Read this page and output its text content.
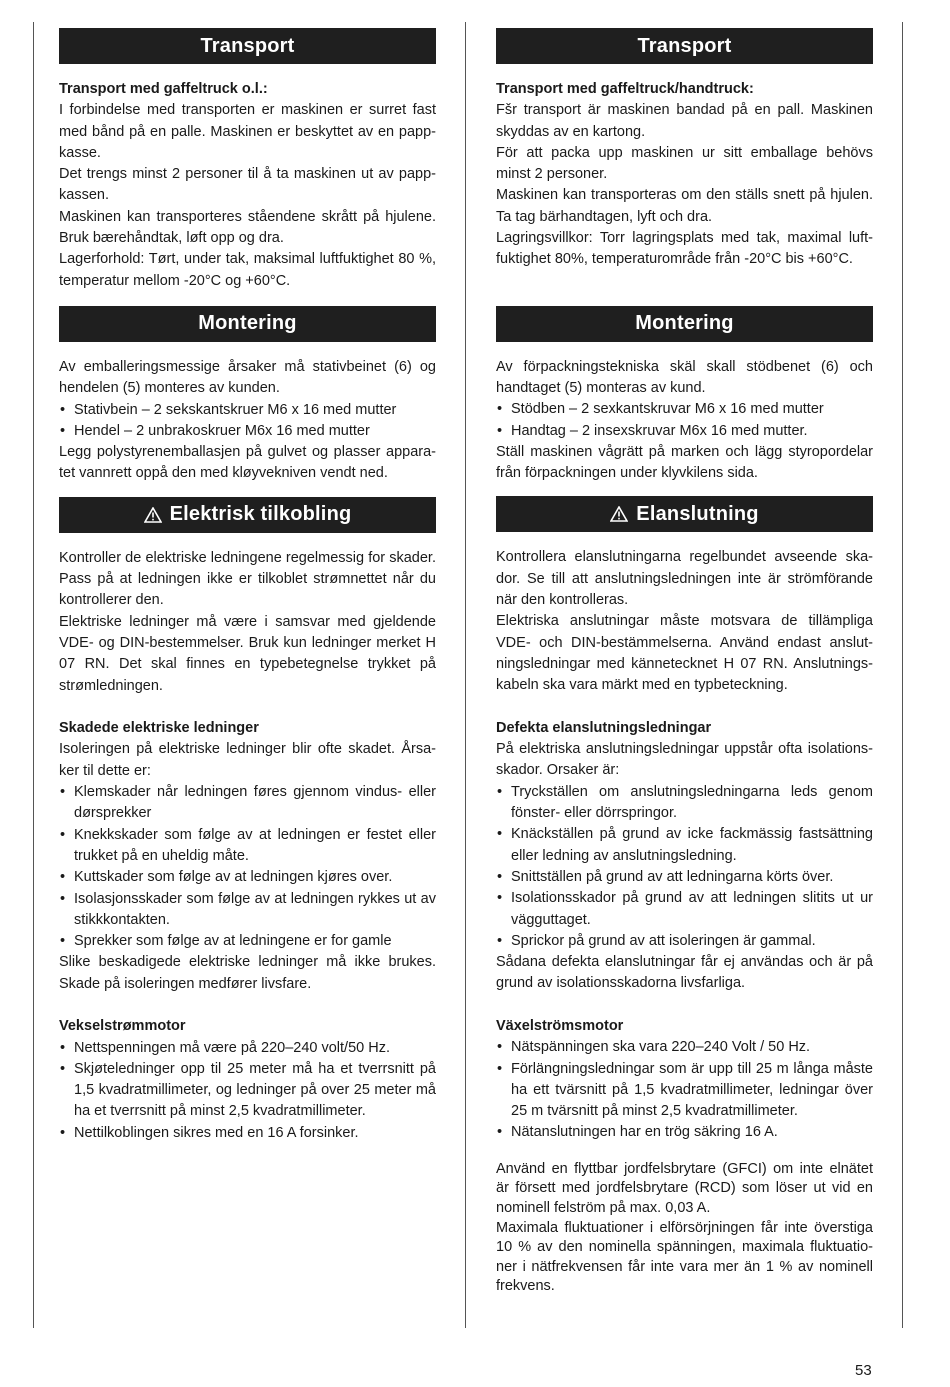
Transport

Transport med gaffeltruck o.l.:

I forbindelse med transporten er maskinen er surret fast med bånd på en palle. Maskinen er beskyttet av en papp-kasse.

Det trengs minst 2 personer til å ta maskinen ut av papp-kassen.

Maskinen kan transporteres ståendene skrått på hjulene. Bruk bærehåndtak, løft opp og dra.

Lagerforhold: Tørt, under tak, maksimal luftfuktighet 80 %, temperatur mellom -20°C og +60°C.

Montering

Av emballeringsmessige årsaker må stativbeinet (6) og hendelen (5) monteres av kunden.

• Stativbein – 2 sekskantskruer M6 x 16 med mutter
• Hendel – 2 unbrakoskruer M6x 16 med mutter

Legg polystyrenemballasjen på gulvet og plasser appara-tet vannrett oppå den med kløyvekniven vendt ned.

Elektrisk tilkobling

Kontroller de elektriske ledningene regelmessig for skader. Pass på at ledningen ikke er tilkoblet strømnettet når du kontrollerer den.

Elektriske ledninger må være i samsvar med gjeldende VDE- og DIN-bestemmelser. Bruk kun ledninger merket H 07 RN. Det skal finnes en typebetegnelse trykket på strømledningen.

Skadede elektriske ledninger

Isoleringen på elektriske ledninger blir ofte skadet. Årsa-ker til dette er:

• Klemskader når ledningen føres gjennom vindus- eller dørsprekker
• Knekkskader som følge av at ledningen er festet eller trukket på en uheldig måte.
• Kuttskader som følge av at ledningen kjøres over.
• Isolasjonsskader som følge av at ledningen rykkes ut av stikkkontakten.
• Sprekker som følge av at ledningene er for gamle

Slike beskadigede elektriske ledninger må ikke brukes. Skade på isoleringen medfører livsfare.

Vekselstrømmotor

• Nettspenningen må være på 220–240 volt/50 Hz.
• Skjøteledninger opp til 25 meter må ha et tverrsnitt på 1,5 kvadratmillimeter, og ledninger på over 25 meter må ha et tverrsnitt på minst 2,5 kvadratmillimeter.
• Nettilkoblingen sikres med en 16 A forsinker.
Transport

Transport med gaffeltruck/handtruck:

Fšr transport är maskinen bandad på en pall. Maskinen skyddas av en kartong.

För att packa upp maskinen ur sitt emballage behövs minst 2 personer.

Maskinen kan transporteras om den ställs snett på hjulen. Ta tag bärhandtagen, lyft och dra.

Lagringsvillkor: Torr lagringsplats med tak, maximal luft-fuktighet 80%, temperaturområde från -20°C bis +60°C.

Montering

Av förpackningstekniska skäl skall stödbenet (6) och handtaget (5) monteras av kund.

• Stödben – 2 sexkantskruvar M6 x 16 med mutter
• Handtag – 2 insexskruvar M6x 16 med mutter.

Ställ maskinen vågrätt på marken och lägg styropordelar från förpackningen under klyvkilens sida.

Elanslutning

Kontrollera elanslutningarna regelbundet avseende ska-dor. Se till att anslutningsledningen inte är strömförande när den kontrolleras.

Elektriska anslutningar måste motsvara de tillämpliga VDE- och DIN-bestämmelserna. Använd endast anslut-ningsledningar med kännetecknet H 07 RN. Anslutnings-kabeln ska vara märkt med en typbeteckning.

Defekta elanslutningsledningar

På elektriska anslutningsledningar uppstår ofta isolations-skador. Orsaker är:

• Tryckställen om anslutningsledningarna leds genom fönster- eller dörrspringor.
• Knäckställen på grund av icke fackmässig fastsättning eller ledning av anslutningsledning.
• Snittställen på grund av att ledningarna körts över.
• Isolationsskador på grund av att ledningen slitits ut ur vägguttaget.
• Sprickor på grund av att isoleringen är gammal.

Sådana defekta elanslutningar får ej användas och är på grund av isolationsskadorna livsfarliga.

Växelströmsmotor

• Nätspänningen ska vara 220–240 Volt / 50 Hz.
• Förlängningsledningar som är upp till 25 m långa måste ha ett tvärsnitt på 1,5 kvadratmillimeter, ledningar över 25 m tvärsnitt på minst 2,5 kvadratmillimeter.
• Nätanslutningen har en trög säkring 16 A.

Använd en flyttbar jordfelsbrytare (GFCI) om inte elnätet är försett med jordfelsbrytare (RCD) som löser ut vid en nominell felström på max. 0,03 A.

Maximala fluktuationer i elförsörjningen får inte överstiga 10 % av den nominella spänningen, maximala fluktuatio-ner i nätfrekvensen får inte vara mer än 1 % av nominell frekvens.

53
